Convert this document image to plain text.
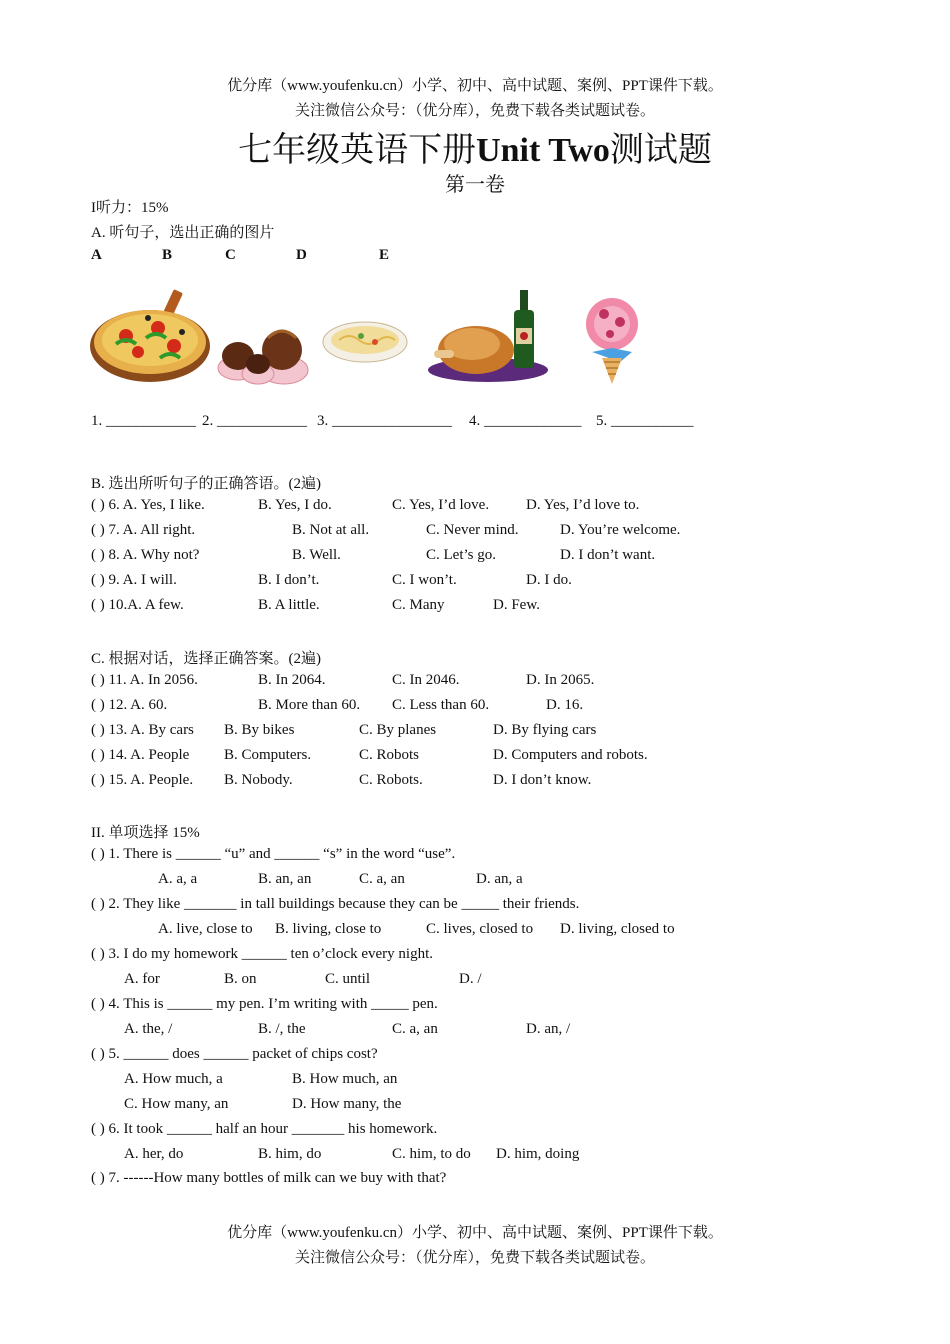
优分库（www.youfenku.cn）小学、初中、高中试题、案例、PPT课件下载。
关注微信公众号：（优分库），免费下载各类试题试卷。
七年级英语下册Unit Two测试题
第一卷
I听力：15%
A. 听句子，选出正确的图片
A	B	C	D	E
1. ____________ 2. ____________ 3. ________________ 4. _____________ 5. ___________
B. 选出所听句子的正确答语。(2遍)
( ) 6. A. Yes, I like.	B. Yes, I do.	C. Yes, I’d love. D. Yes, I’d love to.
( ) 7. A. All right.	B. Not at all.	C. Never mind.	D. You’re welcome.
( ) 8. A. Why not?	B. Well.	C. Let’s go.	D. I don’t want.
( ) 9. A. I will.	B. I don’t.	C. I won’t.	D. I do.
( ) 10.A. A few.	B. A little.	C. Many	D. Few.
C. 根据对话，选择正确答案。(2遍)
( ) 11. A. In 2056.	B. In 2064.	C. In 2046.	D. In 2065.
( ) 12. A. 60.	B. More than 60. C. Less than 60.	D. 16.
( ) 13. A. By cars B. By bikes	C. By planes	D. By flying cars
( ) 14. A. People B. Computers.	C. Robots	D. Computers and robots.
( ) 15. A. People. B. Nobody.	C. Robots.	D. I don’t know.
II. 单项选择 15%
( ) 1. There is ______ “u” and ______ “s” in the word “use”.
A. a, a	B. an, an	C. a, an	D. an, a
( ) 2. They like _______ in tall buildings because they can be _____ their friends.
A. live, close to B. living, close to	C. lives, closed to D. living, closed to
( ) 3. I do my homework ______ ten o’clock every night.
A. for	B. on	C. until	D. /
( ) 4. This is ______ my pen. I’m writing with _____ pen.
A. the, /	B. /, the	C. a, an	D. an, /
( ) 5. ______ does ______ packet of chips cost?
A. How much, a	B. How much, an
C. How many, an	D. How many, the
( ) 6. It took ______ half an hour _______ his homework.
A. her, do	B. him, do	C. him, to do D. him, doing
( ) 7. ------How many bottles of milk can we buy with that?
优分库（www.youfenku.cn）小学、初中、高中试题、案例、PPT课件下载。
关注微信公众号：（优分库），免费下载各类试题试卷。
